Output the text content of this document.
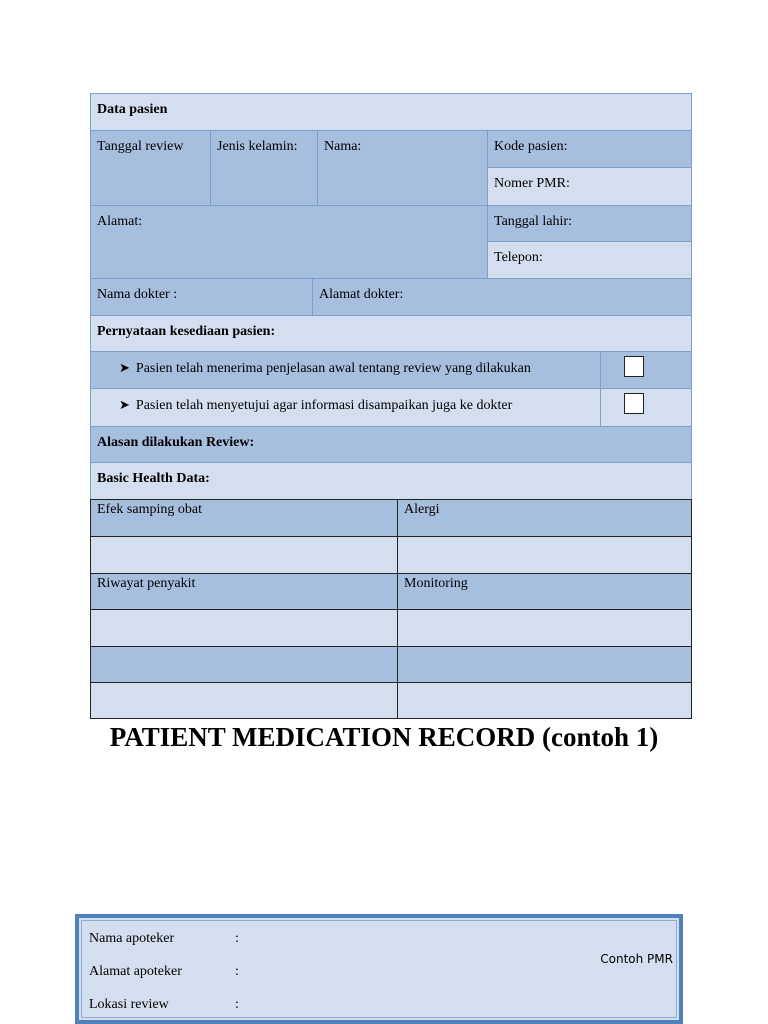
Data pasien
Tanggal review	Jenis kelamin:	Nama:	Kode pasien:
Nomer PMR:
Alamat:	Tanggal lahir:
Telepon:
Nama dokter :	Alamat dokter:
Pernyataan kesediaan pasien:
➤ Pasien telah menerima penjelasan awal tentang review yang dilakukan
➤ Pasien telah menyetujui agar informasi disampaikan juga ke dokter
Alasan dilakukan Review:
Basic Health Data:
Efek samping obat	Alergi
Riwayat penyakit	Monitoring
PATIENT MEDICATION RECORD (contoh 1)
Nama apoteker	:
Alamat apoteker	:
Lokasi review	:
Contoh PMR
